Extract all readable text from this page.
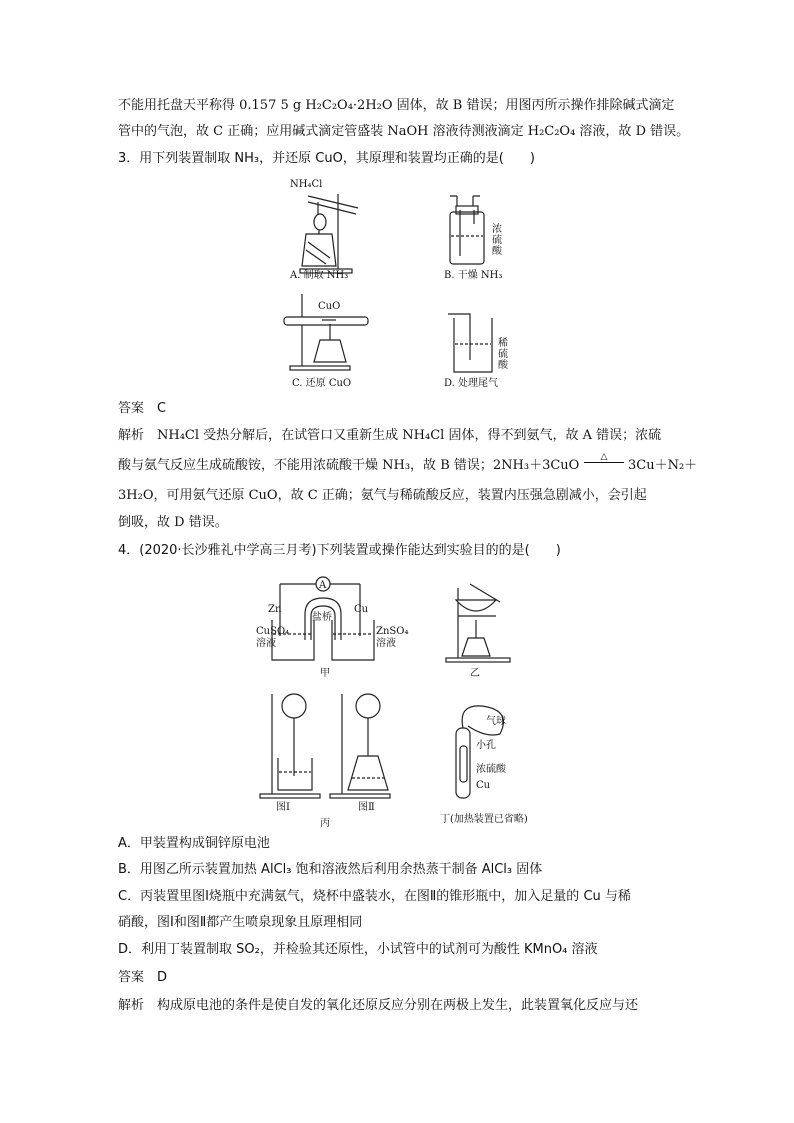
不能用托盘天平称得 0.157 5 g H₂C₂O₄·2H₂O 固体，故 B 错误；用图丙所示操作排除碱式滴定
管中的气泡，故 C 正确；应用碱式滴定管盛装 NaOH 溶液待测液滴定 H₂C₂O₄ 溶液，故 D 错误。
3．用下列装置制取 NH₃，并还原 CuO，其原理和装置均正确的是(　　)
NH₄Cl
A. 制取 NH₃
浓
硫
酸
B. 干燥 NH₃
CuO
C. 还原 CuO
稀
硫
酸
D. 处理尾气
答案　C
解析　NH₄Cl 受热分解后，在试管口又重新生成 NH₄Cl 固体，得不到氨气，故 A 错误；浓硫
酸与氨气反应生成硫酸铵，不能用浓硫酸干燥 NH₃，故 B 错误；2NH₃＋3CuO
△
3Cu＋N₂＋
3H₂O，可用氨气还原 CuO，故 C 正确；氨气与稀硫酸反应，装置内压强急剧减小，会引起
倒吸，故 D 错误。
4．(2020·长沙雅礼中学高三月考)下列装置或操作能达到实验目的的是(　　)
A
Zn	Cu
盐桥
CuSO₄
溶液
ZnSO₄
溶液
甲	乙
图Ⅰ	图Ⅱ
丙
气球
小孔
浓硫酸
Cu
丁(加热装置已省略)
A．甲装置构成铜锌原电池
B．用图乙所示装置加热 AlCl₃ 饱和溶液然后利用余热蒸干制备 AlCl₃ 固体
C．丙装置里图Ⅰ烧瓶中充满氨气，烧杯中盛装水，在图Ⅱ的锥形瓶中，加入足量的 Cu 与稀
硝酸，图Ⅰ和图Ⅱ都产生喷泉现象且原理相同
D．利用丁装置制取 SO₂，并检验其还原性，小试管中的试剂可为酸性 KMnO₄ 溶液
答案　D
解析　构成原电池的条件是使自发的氧化还原反应分别在两极上发生，此装置氧化反应与还
